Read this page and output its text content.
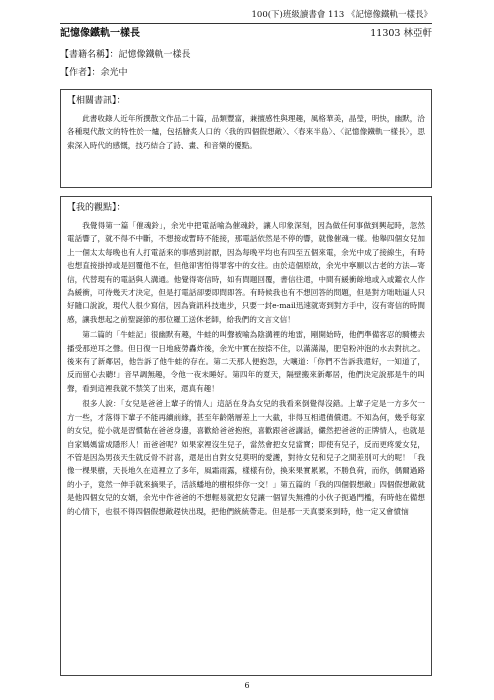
100(下)班級讀書會 113 《記憶像鐵軌一樣長》
記憶像鐵軌一樣長	11303 林亞軒
【書籍名稱】：記憶像鐵軌一樣長
【作者】：余光中
【相關書訊】：

此書收錄人近年所撰散文作品二十篇，品類豐富，兼擅感性與理趣，風格華美，晶瑩，明快，幽默，洽各種現代散文的特性於一爐，包括膾炙人口的〈我的四個假想敵〉、〈春來半島〉、〈記憶像鐵軌一樣長〉，思索深入時代的感慨，技巧結合了詩、畫、和音樂的優點。

【我的觀點】：

我覺得第一篇「催魂鈴」，余光中把電話喻為催魂鈴，讓人印象深刻，因為做任何事做到興起時，忽然電話響了，就不得不中斷，不想接或暫時不能接，那電話依然是不停的響，就像催魂一樣。他舉四個女兒加上一個太太每晚也有人打電話來的事感到討厭，因為每晚平均也有四至五個來電，余光中成了接線生，有時也想直接掛掉或是回覆他不在，但他卻害怕得罪客中的女往。由於這個原故，余光中寧願以古老的方法—寄信，代替現有的電話與人溝通。他覺得寄信時，如有問題回覆，書信往還，中間有緩衝餘地或入或鑑衣人作為緩衝，可待幾天才決定，但是打電話卻要即問即答。有時候我也有不想回答的問題，但是對方咄咄逼人只好隨口說說，現代人很少寫信，因為資訊科技進步，只要一封e-mail迅速就寄到對方手中，沒有寄信的時間感，讓我想起之前聖誕節的那位羅工送休老師，給我們的文言文信！

第二篇的「牛蛙記」很幽默有趣，牛蛙的叫聲被喻為陰溝裡的地雷，剛開始時，他們準備客忍的騎樓去播受那逆耳之聲。但日復一日地疲勞轟炸後，余光中實在按捺不住，以滿滿湯，肥皂粉沖泡的水去對抗之。後來有了新鄰居，他告訴了他牛蛙的存在。第二天那人便抱怨，大嚷道：「你們不告訴我還好，一知道了，反而留心去聽!」音早調無趣，令他一夜未睡好。第四年的夏天，隔壁搬來新鄰居，他們決定說那是牛的叫聲，看到這裡我就不禁笑了出來，還真有趣！

很多人說：「女兒是爸爸上輩子的情人」這話在身為女兒的我看來倒覺得沒錯。上輩子定是一方多欠一方一些，才落得下輩子不能再續前緣，甚至年齡階層差上一大截，非得互相還債償還。不知為何，幾乎每家的女兒，從小就是習慣黏在爸爸身邊，喜歡給爸爸抱抱，喜歡跟爸爸講話，儼然把爸爸的正牌情人，也就是自家媽媽當成隱形人！而爸爸呢？如果家裡沒生兒子，當然會把女兒當寶；即使有兒子，反而更疼愛女兒，不管是因為男孩天生就反骨不討喜，還是出自對女兒莫明的愛護，對待女兒和兒子之間差別可大的呢！「我像一棵果樹，天長地久在這裡立了多年，風霜雨露，樣樣有份，換來果實累累，不勝負荷，而你，偶爾過路的小子，竟然一伸手就來摘果子，活該蟠地的樹根絆你一交！」第五篇的「我的四個假想敵」四個假想敵就是他四個女兒的女婿，余光中作爸爸的不想輕易就把女兒讓一個冒失無禮的小伙子扼過門檻，有時他在備想的心情下，也很不得四個假想敵趕快出現，把他們統統帶走。但是那一天真要來到時，他一定又會憤恼

6
